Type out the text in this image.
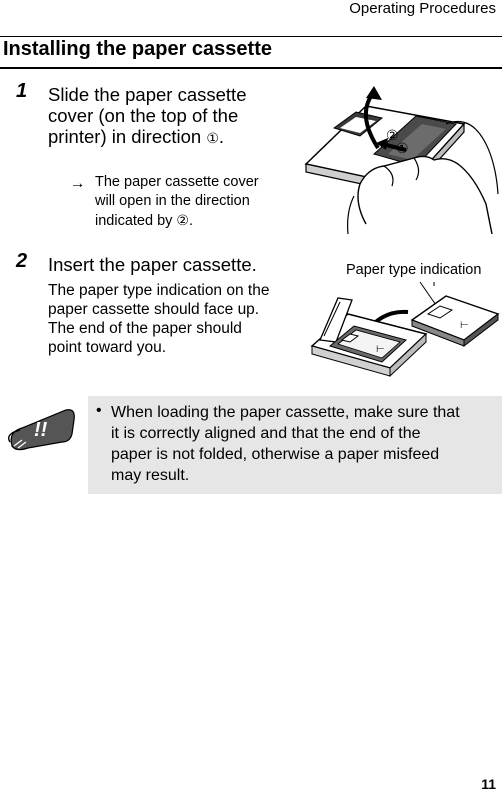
Operating Procedures
Installing the paper cassette
1 Slide the paper cassette
cover (on the top of the
printer) in direction ①.
→ The paper cassette cover
will open in the direction
indicated by ②.
②
①
2 Insert the paper cassette.
The paper type indication on the
paper cassette should face up.
The end of the paper should
point toward you.
Paper type indication
⊢
⊢
!!
• When loading the paper cassette, make sure that
it is correctly aligned and that the end of the
paper is not folded, otherwise a paper misfeed
may result.
11
